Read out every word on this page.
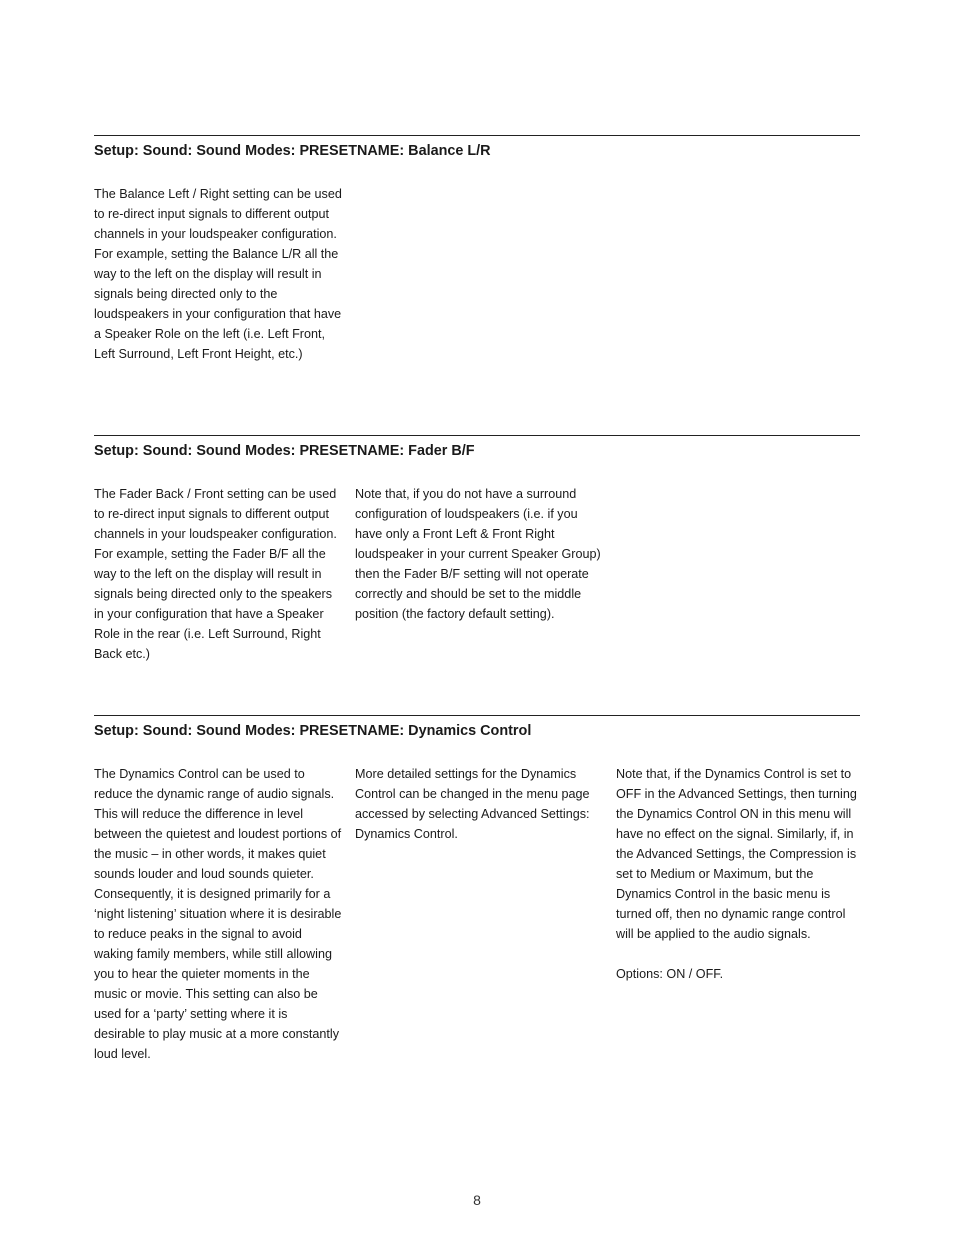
Setup: Sound: Sound Modes: PRESETNAME: Balance L/R

The Balance Left / Right setting can be used to re-direct input signals to different output channels in your loudspeaker configuration. For example, setting the Balance L/R all the way to the left on the display will result in signals being directed only to the loudspeakers in your configuration that have a Speaker Role on the left (i.e. Left Front, Left Surround, Left Front Height, etc.)

Setup: Sound: Sound Modes: PRESETNAME: Fader B/F

The Fader Back / Front setting can be used to re-direct input signals to different output channels in your loudspeaker configuration. For example, setting the Fader B/F all the way to the left on the display will result in signals being directed only to the speakers in your configuration that have a Speaker Role in the rear (i.e. Left Surround, Right Back etc.)

Note that, if you do not have a surround configuration of loudspeakers (i.e. if you have only a Front Left & Front Right loudspeaker in your current Speaker Group) then the Fader B/F setting will not operate correctly and should be set to the middle position (the factory default setting).

Setup: Sound: Sound Modes: PRESETNAME: Dynamics Control

The Dynamics Control can be used to reduce the dynamic range of audio signals. This will reduce the difference in level between the quietest and loudest portions of the music – in other words, it makes quiet sounds louder and loud sounds quieter. Consequently, it is designed primarily for a ‘night listening’ situation where it is desirable to reduce peaks in the signal to avoid waking family members, while still allowing you to hear the quieter moments in the music or movie. This setting can also be used for a ‘party’ setting where it is desirable to play music at a more constantly loud level.

More detailed settings for the Dynamics Control can be changed in the menu page accessed by selecting Advanced Settings: Dynamics Control.

Note that, if the Dynamics Control is set to OFF in the Advanced Settings, then turning the Dynamics Control ON in this menu will have no effect on the signal. Similarly, if, in the Advanced Settings, the Compression is set to Medium or Maximum, but the Dynamics Control in the basic menu is turned off, then no dynamic range control will be applied to the audio signals.
Options: ON / OFF.
8
